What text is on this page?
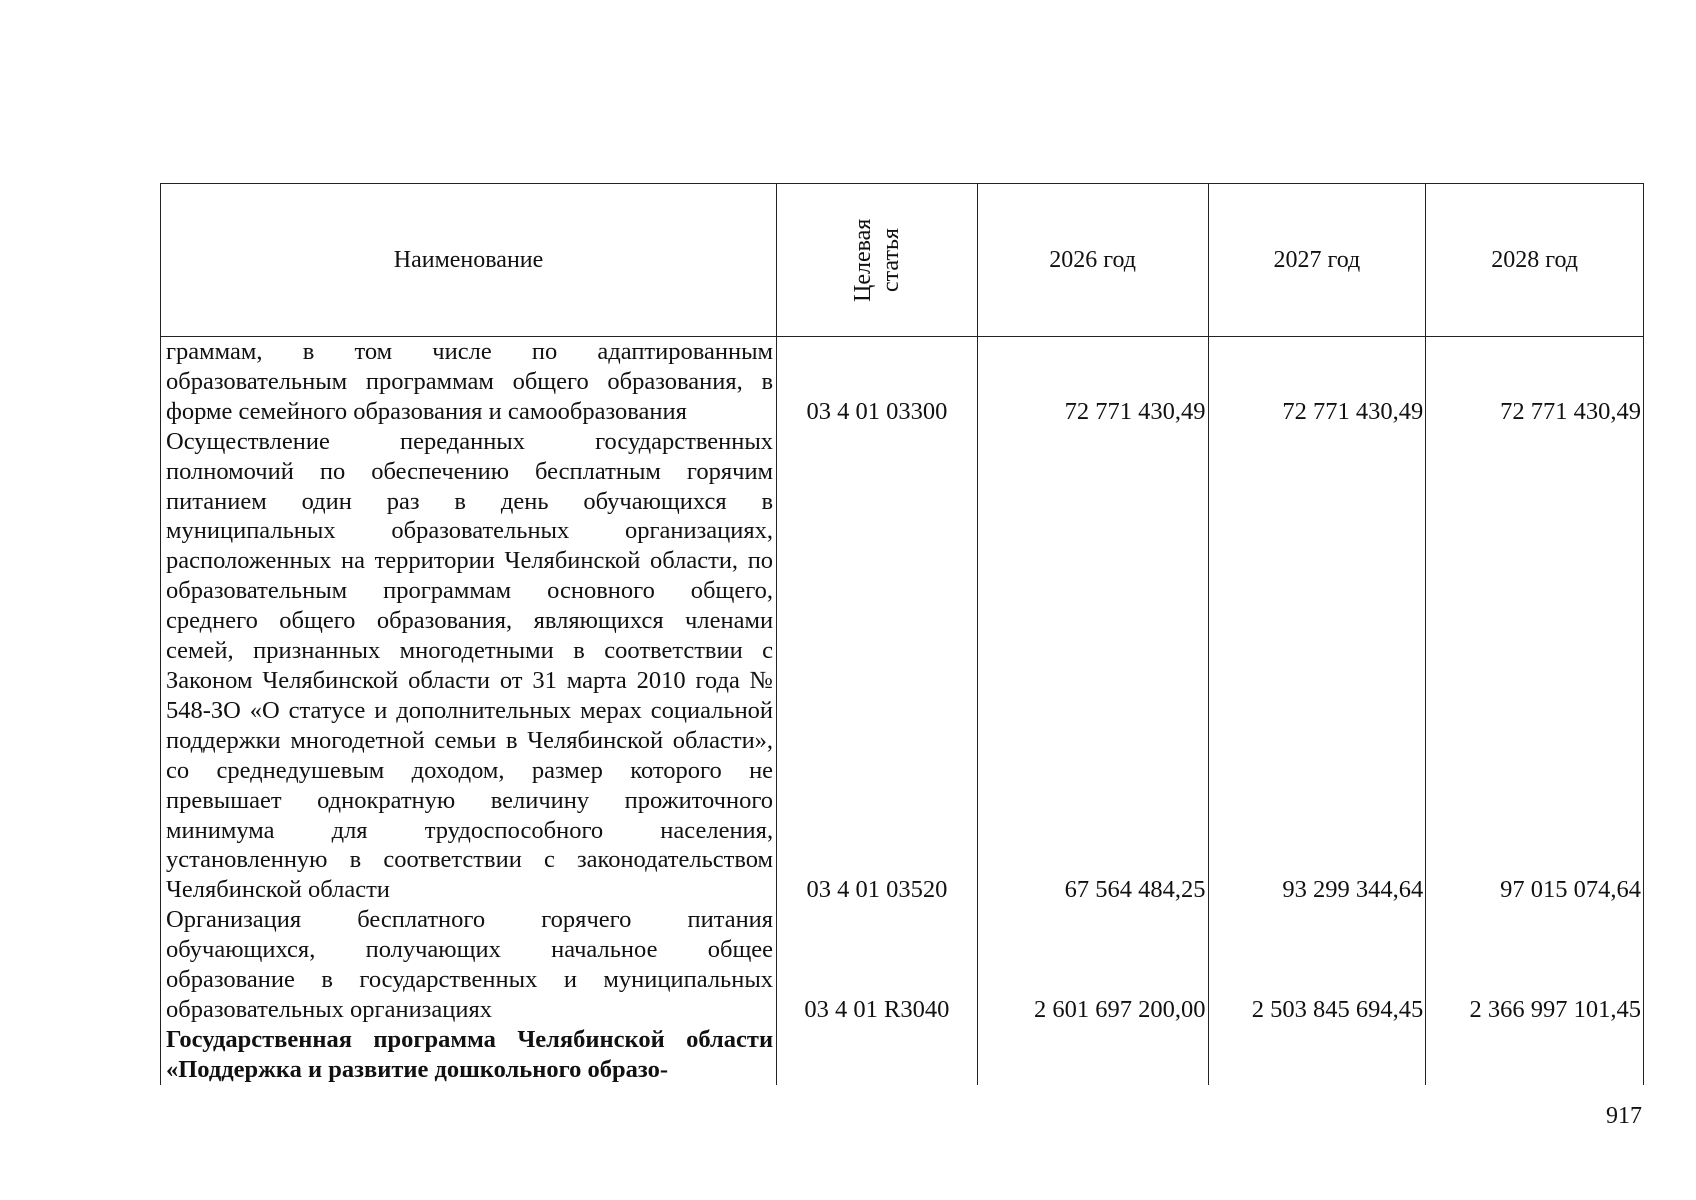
Наименование	Целевая статья	2026 год	2027 год	2028 год
граммам, в том числе по адаптированным образовательным программам общего образования, в форме семейного образования и самообразования	03 4 01 03300	72 771 430,49	72 771 430,49	72 771 430,49
Осуществление переданных государственных полномочий по обеспечению бесплатным горячим питанием один раз в день обучающихся в муниципальных образовательных организациях, расположенных на территории Челябинской области, по образовательным программам основного общего, среднего общего образования, являющихся членами семей, признанных многодетными в соответствии с Законом Челябинской области от 31 марта 2010 года № 548-ЗО «О статусе и дополнительных мерах социальной поддержки многодетной семьи в Челябинской области», со среднедушевым доходом, размер которого не превышает однократную величину прожиточного минимума для трудоспособного населения, установленную в соответствии с законодательством Челябинской области	03 4 01 03520	67 564 484,25	93 299 344,64	97 015 074,64
Организация бесплатного горячего питания обучающихся, получающих начальное общее образование в государственных и муниципальных образовательных организациях	03 4 01 R3040	2 601 697 200,00	2 503 845 694,45	2 366 997 101,45
Государственная программа Челябинской области «Поддержка и развитие дошкольного образо-				
917
